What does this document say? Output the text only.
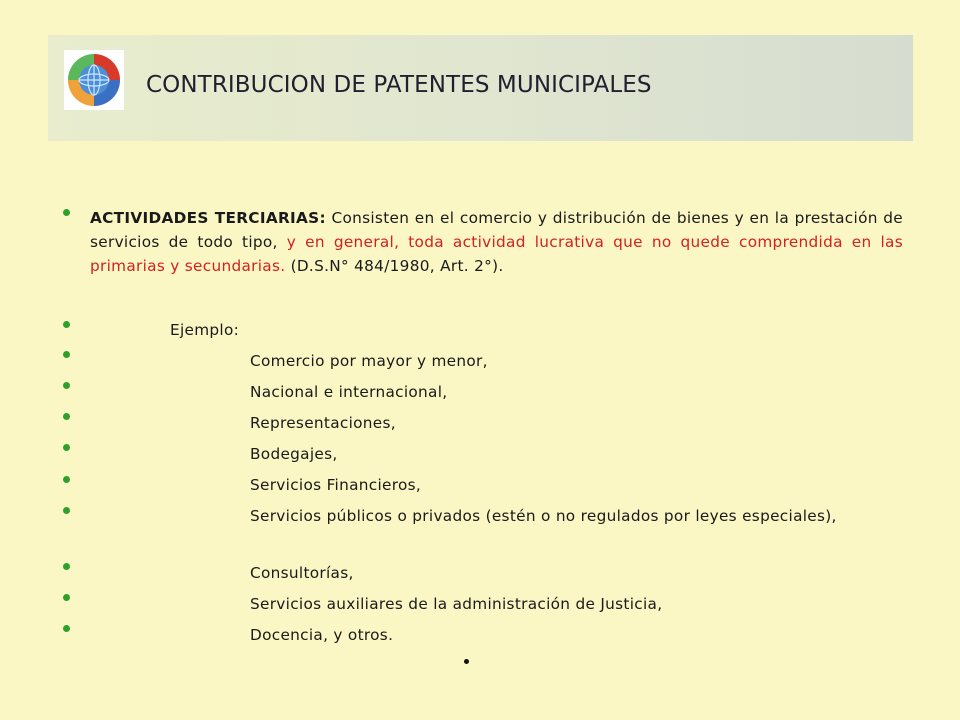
CONTRIBUCION DE PATENTES MUNICIPALES
ACTIVIDADES TERCIARIAS: Consisten en el comercio y distribución de bienes y en la prestación de servicios de todo tipo, y en general, toda actividad lucrativa que no quede comprendida en las primarias y secundarias. (D.S.N° 484/1980, Art. 2°).
Ejemplo:
Comercio por mayor y menor,
Nacional e internacional,
Representaciones,
Bodegajes,
Servicios Financieros,
Servicios públicos o privados (estén o no regulados por leyes especiales),
Consultorías,
Servicios auxiliares de la administración de Justicia,
Docencia, y otros.
